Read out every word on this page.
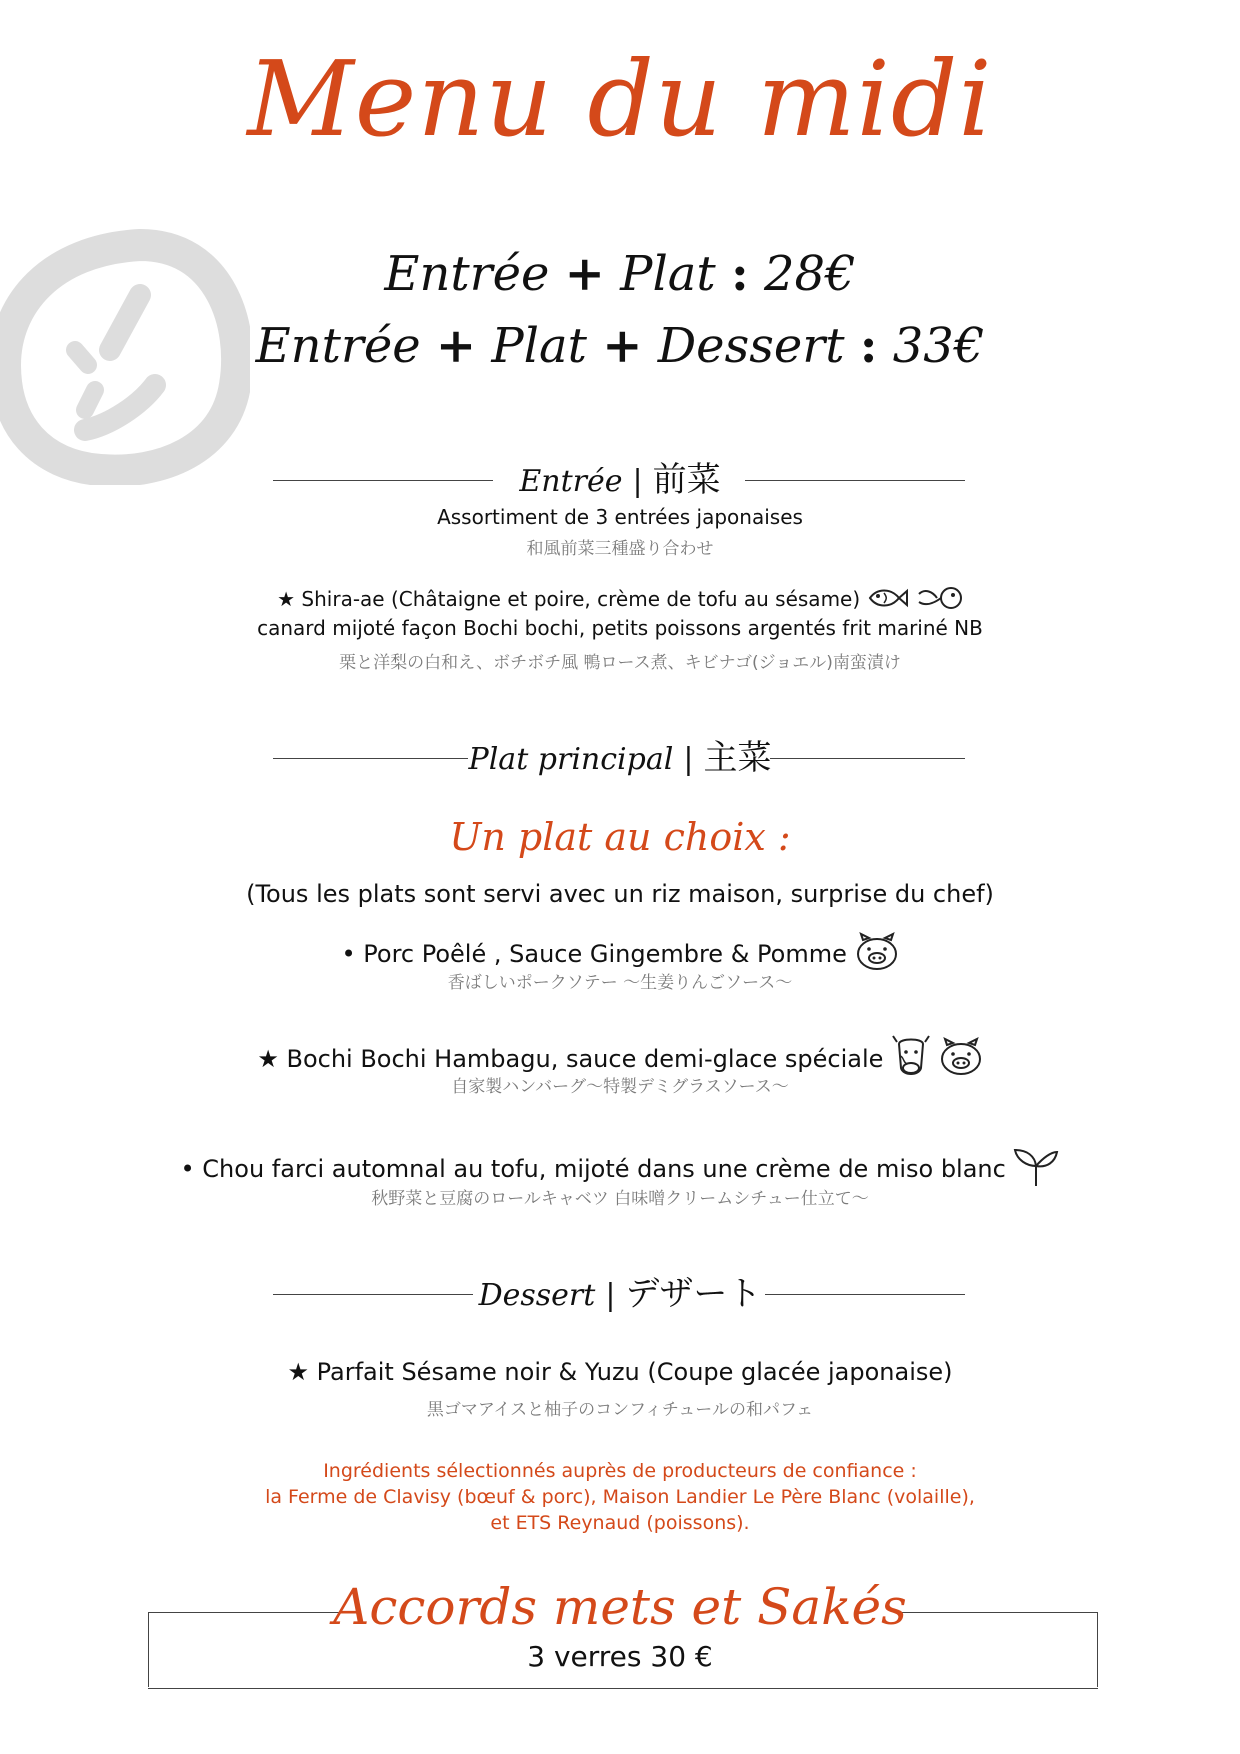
Menu du midi
Entrée + Plat : 28€
Entrée + Plat + Dessert : 33€
Entrée | 前菜
Assortiment de 3 entrées japonaises
和風前菜三種盛り合わせ
★ Shira-ae (Châtaigne et poire, crème de tofu au sésame)
canard mijoté façon Bochi bochi, petits poissons argentés frit mariné NB
栗と洋梨の白和え、ボチボチ風 鴨ロース煮、キビナゴ(ジョエル)南蛮漬け
Plat principal | 主菜
Un plat au choix :
(Tous les plats sont servi avec un riz maison, surprise du chef)
• Porc Poêlé , Sauce Gingembre & Pomme
香ばしいポークソテー 〜生姜りんごソース〜
★ Bochi Bochi Hambagu, sauce demi-glace spéciale
自家製ハンバーグ〜特製デミグラスソース〜
• Chou farci automnal au tofu, mijoté dans une crème de miso blanc
秋野菜と豆腐のロールキャベツ 白味噌クリームシチュー仕立て〜
Dessert | デザート
★ Parfait Sésame noir & Yuzu (Coupe glacée japonaise)
黒ゴマアイスと柚子のコンフィチュールの和パフェ
Ingrédients sélectionnés auprès de producteurs de confiance :
la Ferme de Clavisy (bœuf & porc), Maison Landier Le Père Blanc (volaille),
et ETS Reynaud (poissons).
Accords mets et Sakés
3 verres 30 €
